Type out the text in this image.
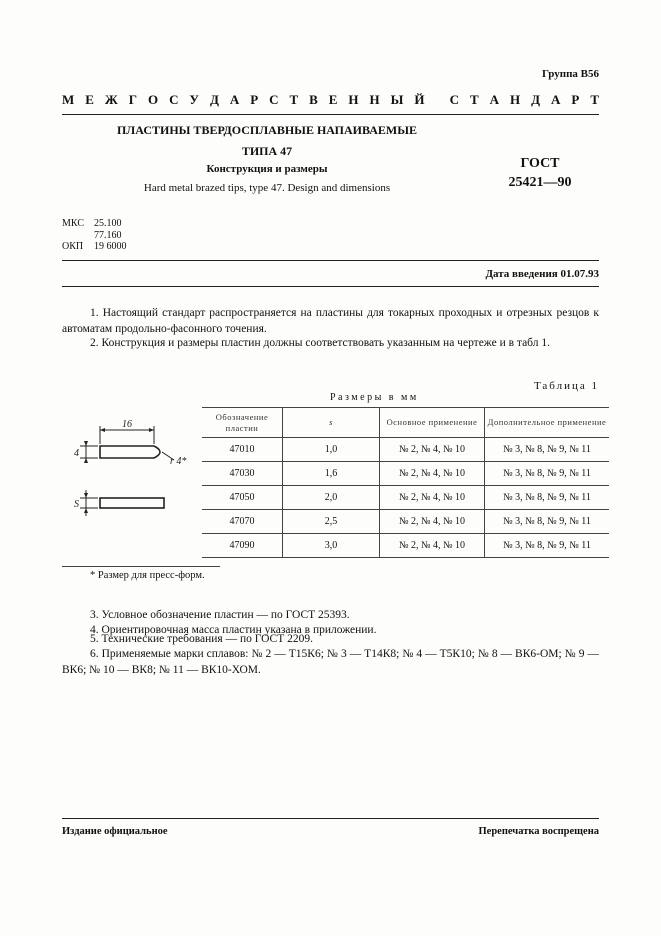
Группа В56
М Е Ж Г О С У Д А Р С Т В Е Н Н Ы Й
С Т А Н Д А Р Т
ПЛАСТИНЫ ТВЕРДОСПЛАВНЫЕ НАПАИВАЕМЫЕ
ТИПА 47
Конструкция и размеры
Hard metal brazed tips, type 47. Design and dimensions
ГОСТ
25421—90
МКС 25.100
77.160
ОКП 19 6000
Дата введения 01.07.93
1. Настоящий стандарт распространяется на пластины для токарных проходных и отрезных резцов к автоматам продольно-фасонного точения.
2. Конструкция и размеры пластин должны соответствовать указанным на чертеже и в табл 1.
Таблица 1
Размеры в мм
16
4
r 4*
S
Обозначение пластин	s	Основное применение	Дополнительное применение
47010	1,0	№ 2, № 4, № 10	№ 3, № 8, № 9, № 11
47030	1,6	№ 2, № 4, № 10	№ 3, № 8, № 9, № 11
47050	2,0	№ 2, № 4, № 10	№ 3, № 8, № 9, № 11
47070	2,5	№ 2, № 4, № 10	№ 3, № 8, № 9, № 11
47090	3,0	№ 2, № 4, № 10	№ 3, № 8, № 9, № 11
* Размер для пресс-форм.
3. Условное обозначение пластин — по ГОСТ 25393.
4. Ориентировочная масса пластин указана в приложении.
5. Технические требования — по ГОСТ 2209.
6. Применяемые марки сплавов: № 2 — Т15К6; № 3 — Т14К8; № 4 — Т5К10; № 8 — ВК6-ОМ; № 9 — ВК6; № 10 — ВК8; № 11 — ВК10-ХОМ.
Издание официальное	Перепечатка воспрещена
